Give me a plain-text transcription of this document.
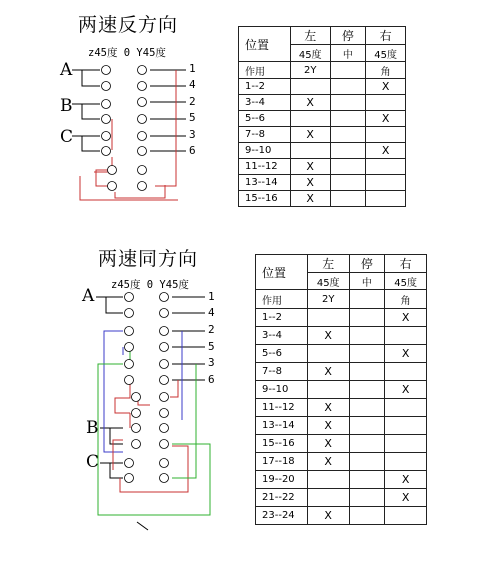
两速反方向
z45度 0 Y45度
A
B
C
1
4
2
5
3
6
位置	左	停	右
	45度	中	45度
作用	2Y		角
1--2			X
3--4	X		
5--6			X
7--8	X		
9--10			X
11--12	X		
13--14	X		
15--16	X		
两速同方向
z45度 0 Y45度
A
B
C
1
4
2
5
3
6
位置	左	停	右
	45度	中	45度
作用	2Y		角
1--2			X
3--4	X		
5--6			X
7--8	X		
9--10			X
11--12	X		
13--14	X		
15--16	X		
17--18	X		
19--20			X
21--22			X
23--24	X		
